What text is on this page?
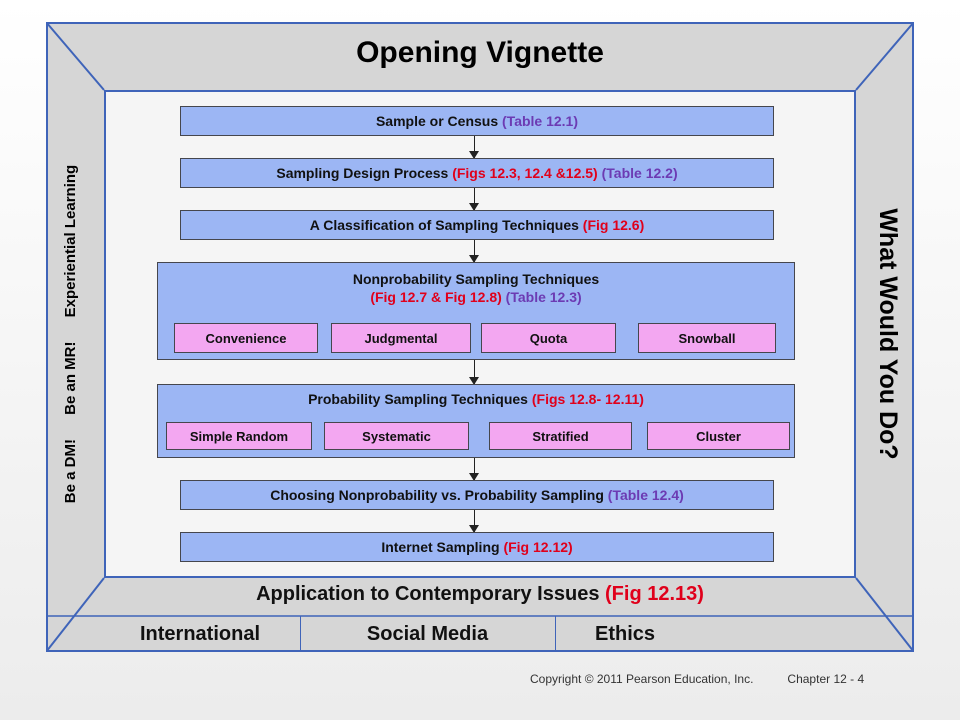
Opening Vignette
Be a DM! Be an MR! Experiential Learning	What Would You Do?
Sample or Census (Table 12.1)
Sampling Design Process (Figs 12.3, 12.4 &12.5) (Table 12.2)
A Classification of Sampling Techniques (Fig 12.6)
Nonprobability Sampling Techniques
(Fig 12.7 & Fig 12.8) (Table 12.3)
Convenience	Judgmental	Quota	Snowball
Probability Sampling Techniques (Figs 12.8- 12.11)
Simple Random	Systematic	Stratified	Cluster
Choosing Nonprobability vs. Probability Sampling (Table 12.4)
Internet Sampling (Fig 12.12)
Application to Contemporary Issues (Fig 12.13)
International	Social Media	Ethics
Copyright © 2011 Pearson Education, Inc.	Chapter 12 - 4
